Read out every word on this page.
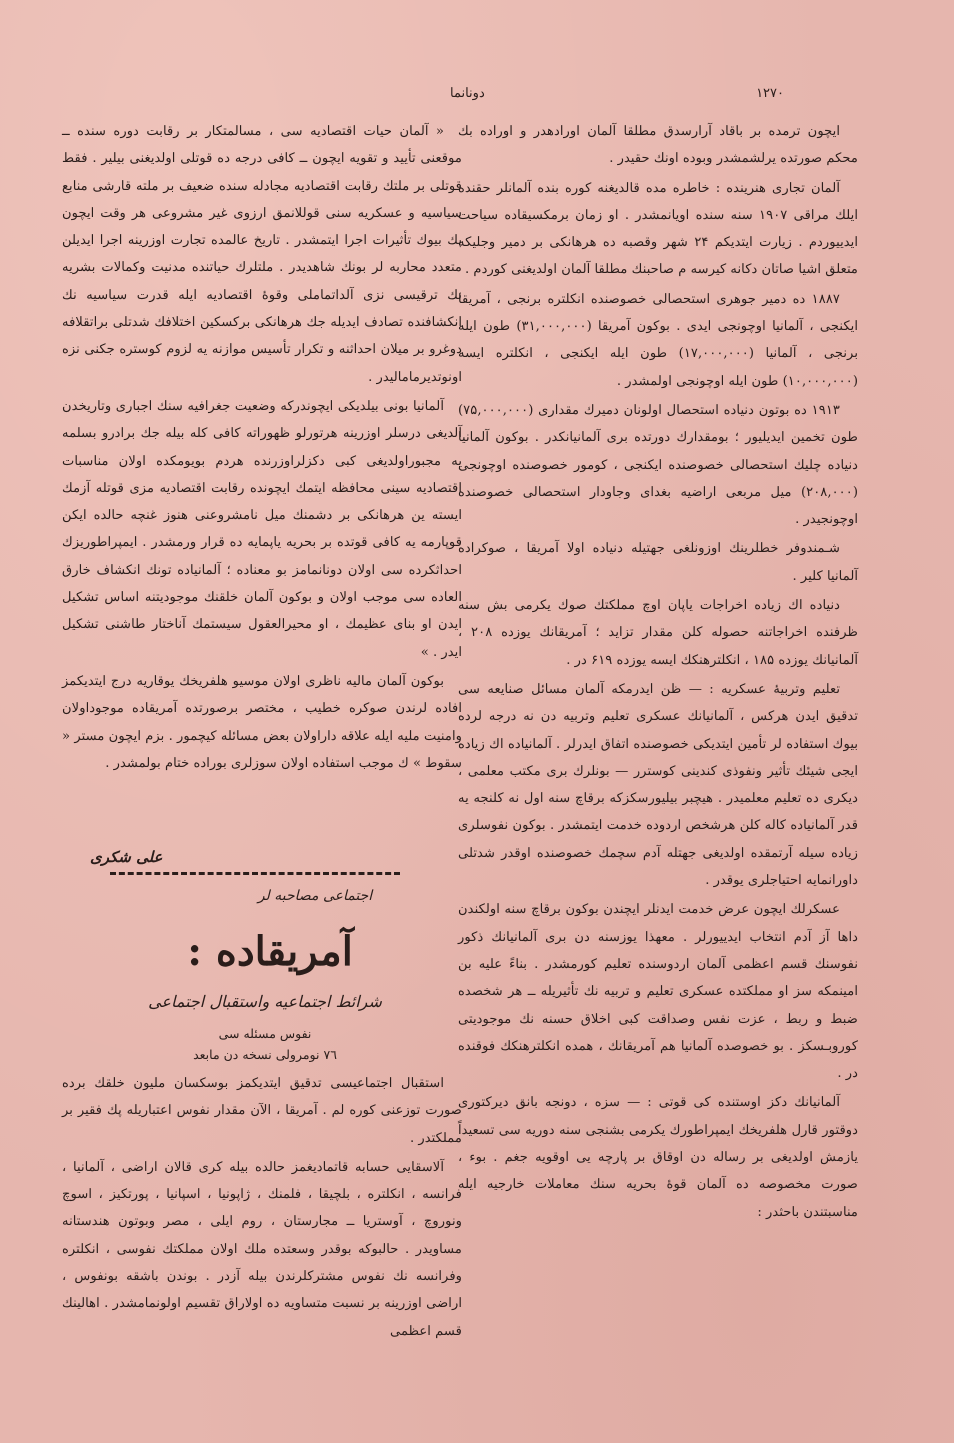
۱۲۷۰
دونانما

ایچون ترمده بر باقاد آرارسدق مطلقا آلمان اورادهدر و اوراده بك محکم صورتده یرلشمشدر وبوده اونك حقیدر .

آلمان تجاری هنرینده : خاطره مده قالدیغنه کوره بنده آلمانلر حقنده ایلك مراقی ۱۹۰۷ سنه سنده اویانمشدر . او زمان برمکسیقاده سیاحت ایدییوردم . زیارت ایتدیکم ۲۴ شهر وقصبه ده هرهانکی بر دمیر وجلیکه متعلق اشیا صاتان دکانه کیرسه م صاحبنك مطلقا آلمان اولدیغنی کوردم .

۱۸۸۷ ده دمیر جوهری استحصالی خصوصنده انکلتره برنجی ، آمریقا ایکنجی ، آلمانیا اوچونجی ایدی . بوکون آمریقا (۳۱,۰۰۰,۰۰۰) طون ایله برنجی ، آلمانیا (۱۷,۰۰۰,۰۰۰) طون ایله ایکنجی ، انکلتره ایسه (۱۰,۰۰۰,۰۰۰) طون ایله اوچونجی اولمشدر .

۱۹۱۳ ده بوتون دنیاده استحصال اولونان دمیرك مقداری (۷۵,۰۰۰,۰۰۰) طون تخمین ایدیلیور ؛ بومقدارك دورتده بری آلمانیانکدر . بوکون آلمانیا دنیاده چلیك استحصالی خصوصنده ایکنجی ، کومور خصوصنده اوچونجی (۲۰۸,۰۰۰) میل مربعی اراضیه بغدای وجاودار استحصالی خصوصنده اوچونجیدر .

شـمندوفر خطلرینك اوزونلغی جهتیله دنیاده اولا آمریقا ، صوکراده آلمانیا کلیر .

دنیاده اك زیاده اخراجات یاپان اوچ مملکتك صوك یکرمی بش سنه ظرفنده اخراجاتنه حصوله کلن مقدار تزاید ؛ آمریقانك یوزده ۲۰۸ ، آلمانیانك یوزده ۱۸۵ ، انکلترهنکك ایسه یوزده ۶۱۹ در .

تعلیم وتربیهٔ عسکریه : — ظن ایدرمکه آلمان مسائل صنایعه سی تدقیق ایدن هرکس ، آلمانیانك عسکری تعلیم وتربیه دن نه درجه لرده بیوك استفاده لر تأمین ایتدیکی خصوصنده اتفاق ایدرلر . آلمانیاده اك زیاده ایجی شیئك تأثیر ونفوذی کندینی کوسترر — بونلرك بری مکتب معلمی ، دیکری ده تعلیم معلمیدر . هیچبر بیلیورسکزکه برقاچ سنه اول نه کلنجه یه قدر آلمانیاده کاله کلن هرشخص اردوده خدمت ایتمشدر . بوکون نفوسلری زیاده سیله آرتمقده اولدیغی جهتله آدم سچمك خصوصنده اوقدر شدتلی داورانمایه احتیاجلری یوقدر .

عسکرلك ایچون عرض خدمت ایدنلر ایچندن بوکون برقاچ سنه اولکندن داها آز آدم انتخاب ایدییورلر . معهذا یوزسنه دن بری آلمانیانك ذکور نفوسنك قسم اعظمی آلمان اردوسنده تعلیم کورمشدر . بناءً علیه بن امینمکه سز او مملکتده عسکری تعلیم و تربیه نك تأثیریله ــ هر شخصده ضبط و ربط ، عزت نفس وصداقت کبی اخلاق حسنه نك موجودیتی کوروبـسکز . بو خصوصده آلمانیا هم آمریقانك ، همده انکلترهنکك فوقنده در .

آلمانیانك دکز اوستنده کی قوتی : — سزه ، دونجه بانق دیرکتوری دوقتور قارل هلفریخك ایمپراطورك یکرمی بشنجی سنه دوریه سی تسعیداً یازمش اولدیغی بر رساله دن اوقاق بر پارچه یی اوقویه جغم . بوء ، صورت مخصوصه ده آلمان قوهٔ بحریه سنك معاملات خارجیه ایله مناسبتندن باحثدر :

« آلمان حیات اقتصادیه سی ، مسالمتکار بر رقابت دوره سنده ــ موقعنی تأیید و تقویه ایچون ــ کافی درجه ده قوتلی اولدیغنی بیلیر . فقط قوتلی بر ملتك رقابت اقتصادیه مجادله سنده ضعیف بر ملته قارشی منابع سیاسیه و عسکریه سنی قوللانمق ارزوی غیر مشروعی هر وقت ایچون پك بیوك تأثیرات اجرا ایتمشدر . تاریخ عالمده تجارت اوزرینه اجرا ایدیلن متعدد محاربه لر بونك شاهدیدر . ملتلرك حیاتنده مدنیت وکمالات بشریه نك ترقیسی نزی آلداتماملی وقوهٔ اقتصادیه ایله قدرت سیاسیه نك انکشافنده تصادف ایدیله جك هرهانکی برکسکین اختلافك شدتلی براتقلافه دوغرو بر میلان احداثنه و تکرار تأسیس موازنه یه لزوم کوستره جکنی نزه اونوتدیرمامالیدر .

آلمانیا بونی بیلدیکی ایچوندرکه وضعیت جغرافیه سنك اجباری وتاریخدن آلدیغی درسلر اوزرینه هرتورلو ظهوراته کافی کله بیله جك برادرو بسلمه یه مجبوراولدیغی کبی دکزلراوزرنده هردم بویومکده اولان مناسبات اقتصادیه سینی محافظه ایتمك ایچونده رقابت اقتصادیه مزی قوتله آزمك ایسته ین هرهانکی بر دشمنك میل نامشروعنی هنوز غنچه حالده ایکن قوپارمه یه کافی قوتده بر بحریه یاپمایه ده قرار ورمشدر . ایمپراطوریزك احداثکرده سی اولان دونانمامز بو معناده ؛ آلمانیاده تونك انکشاف خارق العاده سی موجب اولان و بوکون آلمان خلقنك موجودیتنه اساس تشکیل ایدن او بنای عظیمك ، او محیرالعقول سیستمك آناختار طاشنی تشکیل ایدر . »

بوکون آلمان مالیه ناظری اولان موسیو هلفریخك یوقاریه درج ایتدیکمز افاده لرندن صوکره خطیب ، مختصر برصورتده آمریقاده موجوداولان وامنیت ملیه ایله علاقه داراولان بعض مسائله کیچمور . بزم ایچون مستر « سقوط » ك موجب استفاده اولان سوزلری بوراده ختام بولمشدر .

علی شکری
اجتماعی مصاحبه لر
آمریقاده :
شرائط اجتماعیه واستقبال اجتماعی
نفوس مسئله سی
۷٦ نومرولی نسخه دن مابعد

استقبال اجتماعیسی تدقیق ایتدیکمز بوسکسان ملیون خلقك برده صورت توزعنی کوره لم . آمریقا ، الآن مقدار نفوس اعتباریله پك فقیر بر مملکتدر .

آلاسقایی حسابه قاتمادیغمز حالده بیله کری قالان اراضی ، آلمانیا ، فرانسه ، انکلتره ، بلچیقا ، فلمنك ، ژاپونیا ، اسپانیا ، پورتکیز ، اسوچ ونوروچ ، آوستریا ــ مجارستان ، روم ایلی ، مصر وبوتون هندستانه مساویدر . حالبوکه بوقدر وسعتده ملك اولان مملکتك نفوسی ، انکلتره وفرانسه نك نفوس مشترکلرندن بیله آزدر . بوندن باشقه بونفوس ، اراضی اوزرینه بر نسبت متساویه ده اولاراق تقسیم اولونمامشدر . اهالینك قسم اعظمی
